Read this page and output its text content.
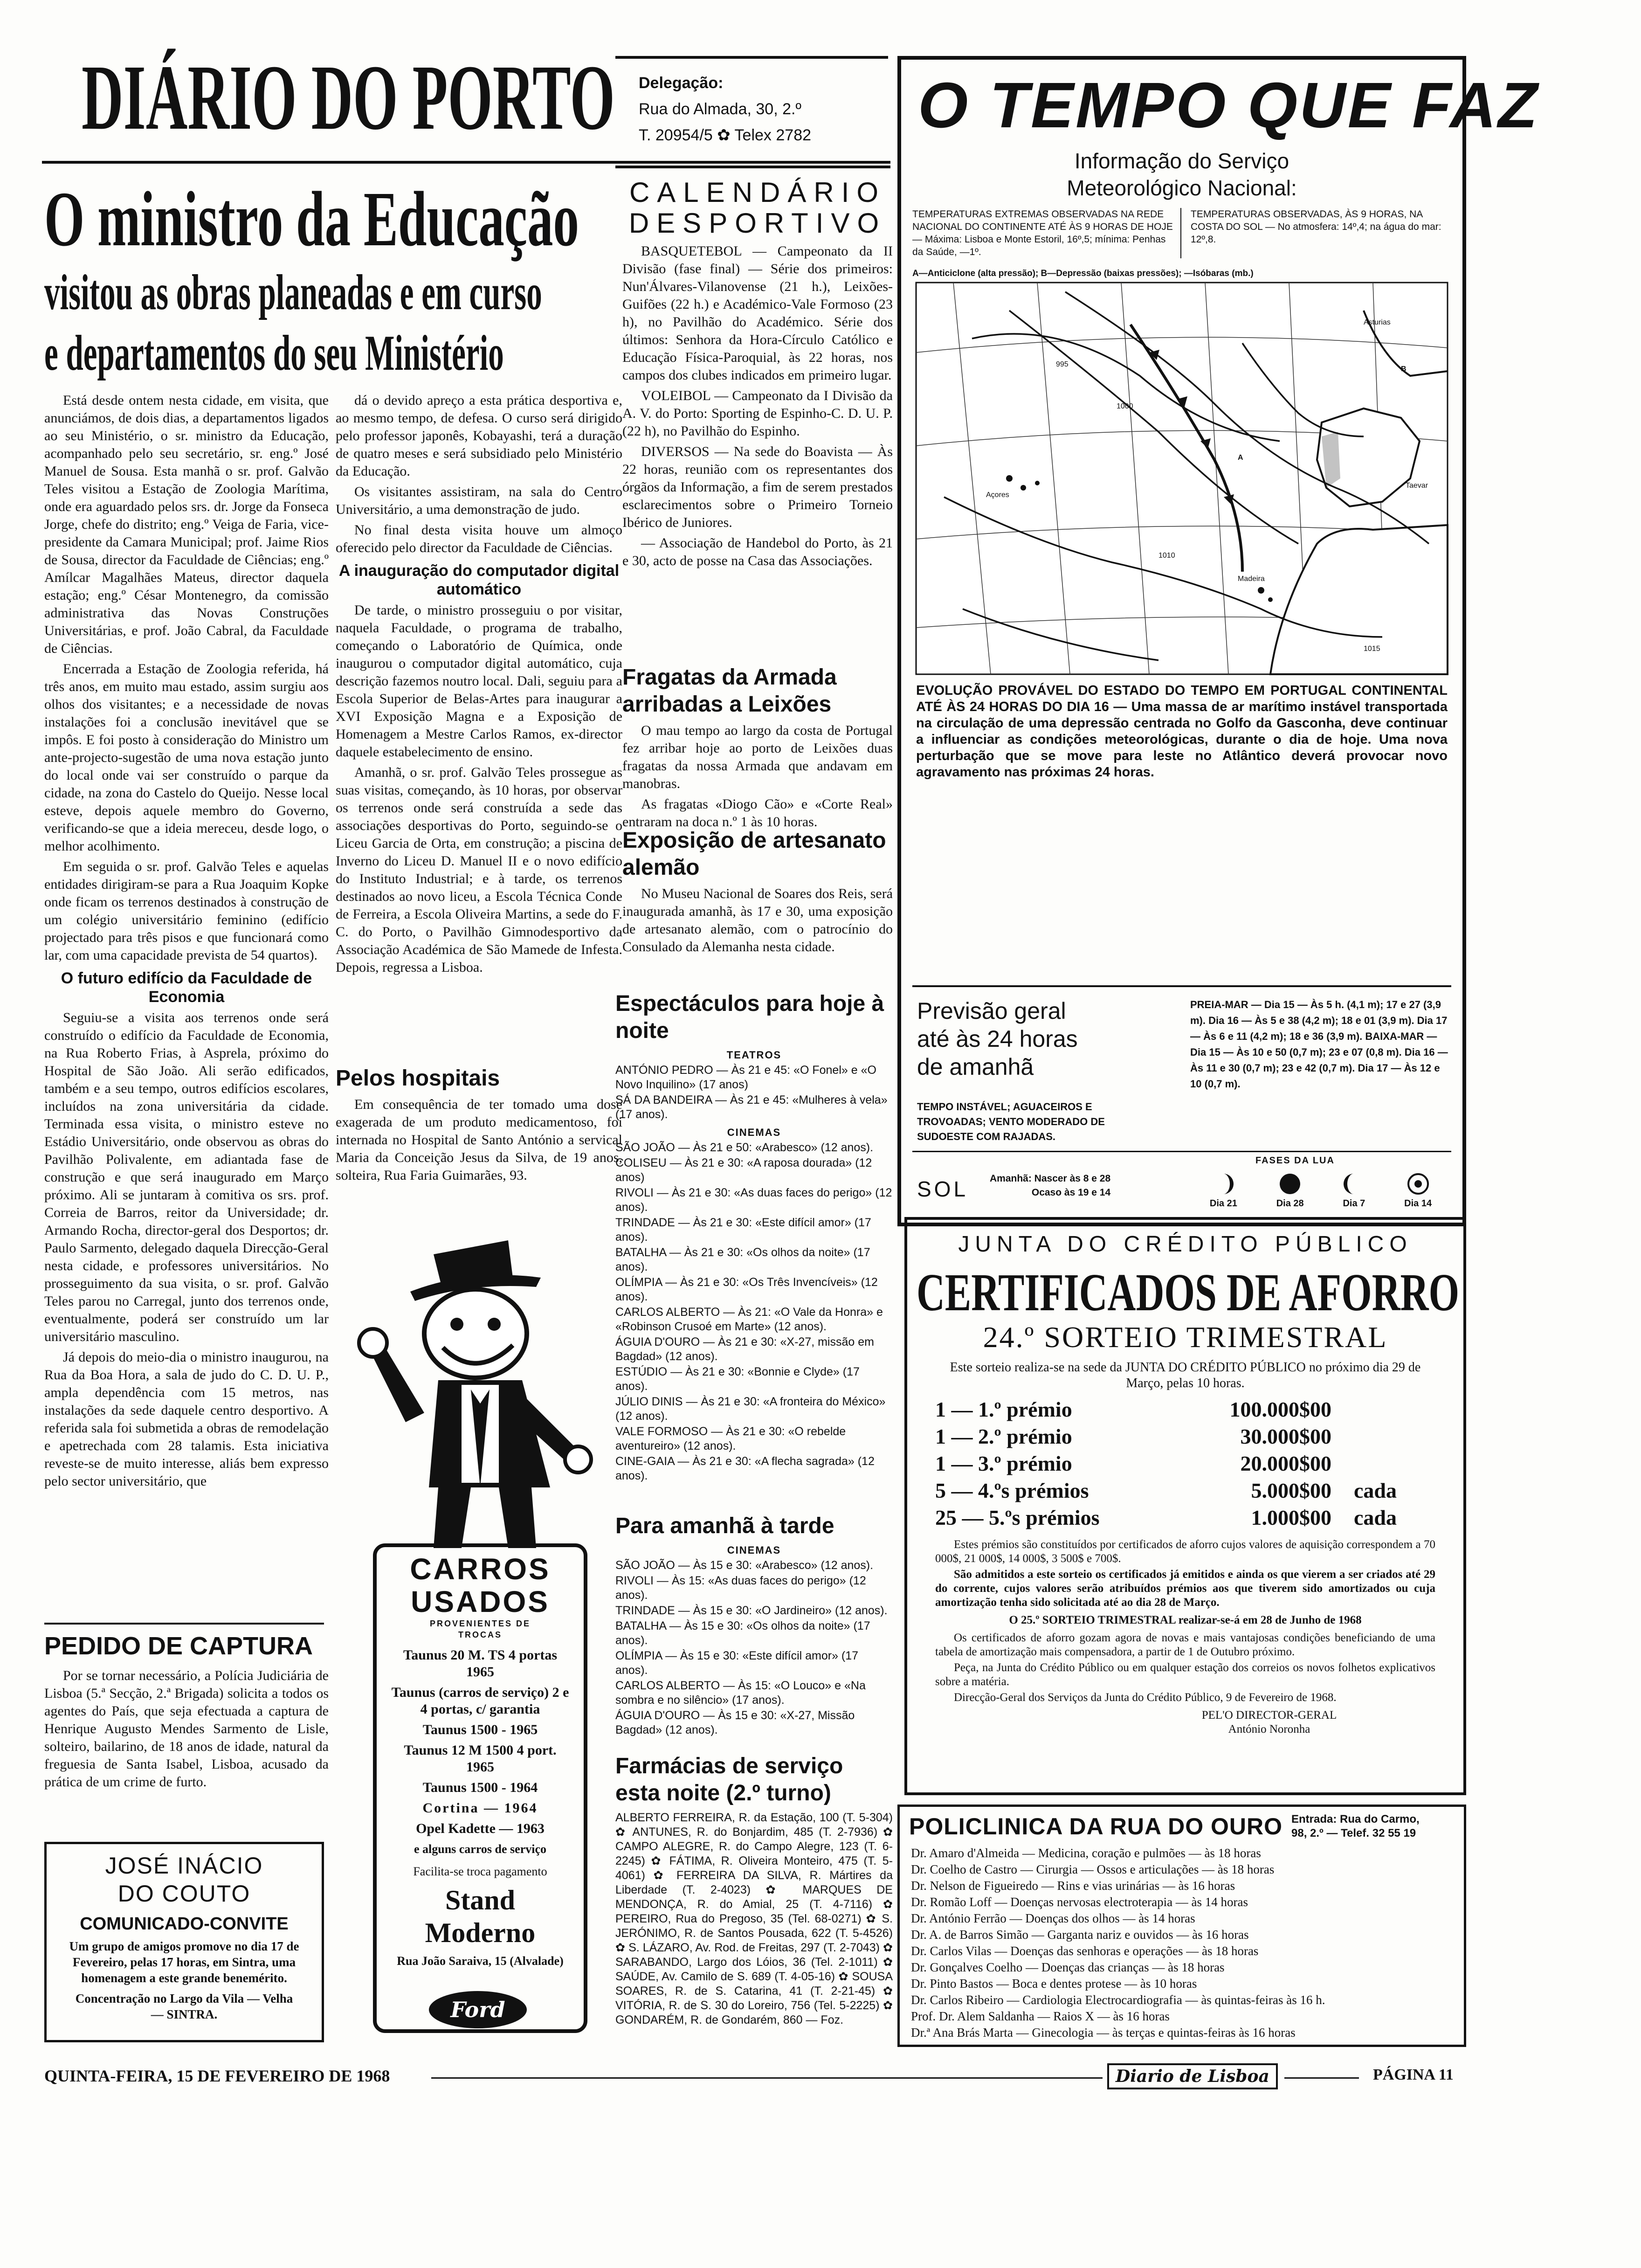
DIÁRIO DO PORTO Delegação:
Rua do Almada, 30, 2.º
T. 20954/5 ✿ Telex 2782
O ministro da Educação
visitou as obras planeadas e em curso
e departamentos do seu Ministério

Está desde ontem nesta cidade, em visita, que anunciámos, de dois dias, a departamentos ligados ao seu Ministério, o sr. ministro da Educação, acompanhado pelo seu secretário, sr. eng.º José Manuel de Sousa. Esta manhã o sr. prof. Galvão Teles visitou a Estação de Zoologia Marítima, onde era aguardado pelos srs. dr. Jorge da Fonseca Jorge, chefe do distrito; eng.º Veiga de Faria, vice-presidente da Camara Municipal; prof. Jaime Rios de Sousa, director da Faculdade de Ciências; eng.º Amílcar Magalhães Mateus, director daquela estação; eng.º César Montenegro, da comissão administrativa das Novas Construções Universitárias, e prof. João Cabral, da Faculdade de Ciências.

Encerrada a Estação de Zoologia referida, há três anos, em muito mau estado, assim surgiu aos olhos dos visitantes; e a necessidade de novas instalações foi a conclusão inevitável que se impôs. E foi posto à consideração do Ministro um ante-projecto-sugestão de uma nova estação junto do local onde vai ser construído o parque da cidade, na zona do Castelo do Queijo. Nesse local esteve, depois aquele membro do Governo, verificando-se que a ideia mereceu, desde logo, o melhor acolhimento.

Em seguida o sr. prof. Galvão Teles e aquelas entidades dirigiram-se para a Rua Joaquim Kopke onde ficam os terrenos destinados à construção de um colégio universitário feminino (edifício projectado para três pisos e que funcionará como lar, com uma capacidade prevista de 54 quartos).

O futuro edifício da Faculdade de Economia

Seguiu-se a visita aos terrenos onde será construído o edifício da Faculdade de Economia, na Rua Roberto Frias, à Asprela, próximo do Hospital de São João. Ali serão edificados, também e a seu tempo, outros edifícios escolares, incluídos na zona universitária da cidade. Terminada essa visita, o ministro esteve no Estádio Universitário, onde observou as obras do Pavilhão Polivalente, em adiantada fase de construção e que será inaugurado em Março próximo. Ali se juntaram à comitiva os srs. prof. Correia de Barros, reitor da Universidade; dr. Armando Rocha, director-geral dos Desportos; dr. Paulo Sarmento, delegado daquela Direcção-Geral nesta cidade, e professores universitários. No prosseguimento da sua visita, o sr. prof. Galvão Teles parou no Carregal, junto dos terrenos onde, eventualmente, poderá ser construído um lar universitário masculino.

Já depois do meio-dia o ministro inaugurou, na Rua da Boa Hora, a sala de judo do C. D. U. P., ampla dependência com 15 metros, nas instalações da sede daquele centro desportivo. A referida sala foi submetida a obras de remodelação e apetrechada com 28 talamis. Esta iniciativa reveste-se de muito interesse, aliás bem expresso pelo sector universitário, que

dá o devido apreço a esta prática desportiva e, ao mesmo tempo, de defesa. O curso será dirigido pelo professor japonês, Kobayashi, terá a duração de quatro meses e será subsidiado pelo Ministério da Educação.

Os visitantes assistiram, na sala do Centro Universitário, a uma demonstração de judo.

No final desta visita houve um almoço oferecido pelo director da Faculdade de Ciências.

A inauguração do computador digital automático

De tarde, o ministro prosseguiu o por visitar, naquela Faculdade, o programa de trabalho, começando o Laboratório de Química, onde inaugurou o computador digital automático, cuja descrição fazemos noutro local. Dali, seguiu para a Escola Superior de Belas-Artes para inaugurar a XVI Exposição Magna e a Exposição de Homenagem a Mestre Carlos Ramos, ex-director daquele estabelecimento de ensino.

Amanhã, o sr. prof. Galvão Teles prossegue as suas visitas, começando, às 10 horas, por observar os terrenos onde será construída a sede das associações desportivas do Porto, seguindo-se o Liceu Garcia de Orta, em construção; a piscina de Inverno do Liceu D. Manuel II e o novo edifício do Instituto Industrial; e à tarde, os terrenos destinados ao novo liceu, a Escola Técnica Conde de Ferreira, a Escola Oliveira Martins, a sede do F. C. do Porto, o Pavilhão Gimnodesportivo da Associação Académica de São Mamede de Infesta. Depois, regressa a Lisboa.

Pelos hospitais

Em consequência de ter tomado uma dose exagerada de um produto medicamentoso, foi internada no Hospital de Santo António a servical Maria da Conceição Jesus da Silva, de 19 anos, solteira, Rua Faria Guimarães, 93.

CARROS
USADOS
PROVENIENTES DE TROCAS
Taunus 20 M. TS 4 portas 1965
Taunus (carros de serviço) 2 e 4 portas, c/ garantia
Taunus 1500 - 1965
Taunus 12 M 1500 4 port. 1965
Taunus 1500 - 1964
Cortina — 1964
Opel Kadette — 1963
e alguns carros de serviço
Facilita-se troca pagamento
Stand Moderno
Rua João Saraiva, 15 (Alvalade)
Ford
PEDIDO DE CAPTURA

Por se tornar necessário, a Polícia Judiciária de Lisboa (5.ª Secção, 2.ª Brigada) solicita a todos os agentes do País, que seja efectuada a captura de Henrique Augusto Mendes Sarmento de Lisle, solteiro, bailarino, de 18 anos de idade, natural da freguesia de Santa Isabel, Lisboa, acusado da prática de um crime de furto.

JOSÉ INÁCIO
DO COUTO
COMUNICADO-CONVITE
Um grupo de amigos promove no dia 17 de Fevereiro, pelas 17 horas, em Sintra, uma homenagem a este grande benemérito.
Concentração no Largo da Vila — Velha — SINTRA.
CALENDÁRIO
DESPORTIVO

BASQUETEBOL — Campeonato da II Divisão (fase final) — Série dos primeiros: Nun'Álvares-Vilanovense (21 h.), Leixões-Guifões (22 h.) e Académico-Vale Formoso (23 h), no Pavilhão do Académico. Série dos últimos: Senhora da Hora-Círculo Católico e Educação Física-Paroquial, às 22 horas, nos campos dos clubes indicados em primeiro lugar.

VOLEIBOL — Campeonato da I Divisão da A. V. do Porto: Sporting de Espinho-C. D. U. P. (22 h), no Pavilhão do Espinho.

DIVERSOS — Na sede do Boavista — Às 22 horas, reunião com os representantes dos órgãos da Informação, a fim de serem prestados esclarecimentos sobre o Primeiro Torneio Ibérico de Juniores.

— Associação de Handebol do Porto, às 21 e 30, acto de posse na Casa das Associações.

Fragatas da Armada arribadas a Leixões

O mau tempo ao largo da costa de Portugal fez arribar hoje ao porto de Leixões duas fragatas da nossa Armada que andavam em manobras.

As fragatas «Diogo Cão» e «Corte Real» entraram na doca n.º 1 às 10 horas.

Exposição de artesanato alemão

No Museu Nacional de Soares dos Reis, será inaugurada amanhã, às 17 e 30, uma exposição de artesanato alemão, com o patrocínio do Consulado da Alemanha nesta cidade.

Espectáculos para hoje à noite
TEATROS

ANTÓNIO PEDRO — Às 21 e 45: «O Fonel» e «O Novo Inquilino» (17 anos)

SÁ DA BANDEIRA — Às 21 e 45: «Mulheres à vela» (17 anos).

CINEMAS

SÃO JOÃO — Às 21 e 50: «Arabesco» (12 anos).

COLISEU — Às 21 e 30: «A raposa dourada» (12 anos)

RIVOLI — Às 21 e 30: «As duas faces do perigo» (12 anos).

TRINDADE — Às 21 e 30: «Este difícil amor» (17 anos).

BATALHA — Às 21 e 30: «Os olhos da noite» (17 anos).

OLÍMPIA — Às 21 e 30: «Os Três Invencíveis» (12 anos).

CARLOS ALBERTO — Às 21: «O Vale da Honra» e «Robinson Crusoé em Marte» (12 anos).

ÁGUIA D'OURO — Às 21 e 30: «X-27, missão em Bagdad» (12 anos).

ESTÚDIO — Às 21 e 30: «Bonnie e Clyde» (17 anos).

JÚLIO DINIS — Às 21 e 30: «A fronteira do México» (12 anos).

VALE FORMOSO — Às 21 e 30: «O rebelde aventureiro» (12 anos).

CINE-GAIA — Às 21 e 30: «A flecha sagrada» (12 anos).

Para amanhã à tarde
CINEMAS

SÃO JOÃO — Às 15 e 30: «Arabesco» (12 anos).

RIVOLI — Às 15: «As duas faces do perigo» (12 anos).

TRINDADE — Às 15 e 30: «O Jardineiro» (12 anos).

BATALHA — Às 15 e 30: «Os olhos da noite» (17 anos).

OLÍMPIA — Às 15 e 30: «Este difícil amor» (17 anos).

CARLOS ALBERTO — Às 15: «O Louco» e «Na sombra e no silêncio» (17 anos).

ÁGUIA D'OURO — Às 15 e 30: «X-27, Missão Bagdad» (12 anos).

Farmácias de serviço esta noite (2.º turno)

ALBERTO FERREIRA, R. da Estação, 100 (T. 5-304) ✿ ANTUNES, R. do Bonjardim, 485 (T. 2-7936) ✿ CAMPO ALEGRE, R. do Campo Alegre, 123 (T. 6-2245) ✿ FÁTIMA, R. Oliveira Monteiro, 475 (T. 5-4061) ✿ FERREIRA DA SILVA, R. Mártires da Liberdade (T. 2-4023) ✿ MARQUES DE MENDONÇA, R. do Amial, 25 (T. 4-7116) ✿ PEREIRO, Rua do Pregoso, 35 (Tel. 68-0271) ✿ S. JERÓNIMO, R. de Santos Pousada, 622 (T. 5-4526) ✿ S. LÁZARO, Av. Rod. de Freitas, 297 (T. 2-7043) ✿ SARABANDO, Largo dos Lóios, 36 (Tel. 2-1011) ✿ SAÚDE, Av. Camilo de S. 689 (T. 4-05-16) ✿ SOUSA SOARES, R. de S. Catarina, 41 (T. 2-21-45) ✿ VITÓRIA, R. de S. 30 do Loreiro, 756 (Tel. 5-2225) ✿ GONDARÉM, R. de Gondarém, 860 — Foz.

O TEMPO QUE FAZ
Informação do Serviço
Meteorológico Nacional:
TEMPERATURAS EXTREMAS OBSERVADAS NA REDE NACIONAL DO CONTINENTE ATÉ ÀS 9 HORAS DE HOJE — Máxima: Lisboa e Monte Estoril, 16º,5; mínima: Penhas da Saúde, —1º.
TEMPERATURAS OBSERVADAS, ÀS 9 HORAS, NA COSTA DO SOL — No atmosfera: 14º,4; na água do mar: 12º,8.
A—Anticiclone (alta pressão); B—Depressão (baixas pressões); —Isóbaras (mb.)
Açores
Madeira
Asturias
Taevar
1000
1010
1015
995
B
A
EVOLUÇÃO PROVÁVEL DO ESTADO DO TEMPO EM PORTUGAL CONTINENTAL ATÉ ÀS 24 HORAS DO DIA 16 — Uma massa de ar marítimo instável transportada na circulação de uma depressão centrada no Golfo da Gasconha, deve continuar a influenciar as condições meteorológicas, durante o dia de hoje. Uma nova perturbação que se move para leste no Atlântico deverá provocar novo agravamento nas próximas 24 horas.
Previsão geral
até às 24 horas
de amanhã
TEMPO INSTÁVEL; AGUACEIROS E TROVOADAS; VENTO MODERADO DE SUDOESTE COM RAJADAS.
PREIA-MAR — Dia 15 — Às 5 h. (4,1 m); 17 e 27 (3,9 m). Dia 16 — Às 5 e 38 (4,2 m); 18 e 01 (3,9 m). Dia 17 — Às 6 e 11 (4,2 m); 18 e 36 (3,9 m). BAIXA-MAR — Dia 15 — Às 10 e 50 (0,7 m); 23 e 07 (0,8 m). Dia 16 — Às 11 e 30 (0,7 m); 23 e 42 (0,7 m). Dia 17 — Às 12 e 10 (0,7 m).
SOL Amanhã: Nascer às 8 e 28
Ocaso às 19 e 14
FASES DA LUA
Dia 21	Dia 28	Dia 7	Dia 14
JUNTA DO CRÉDITO PÚBLICO
CERTIFICADOS DE AFORRO
24.º SORTEIO TRIMESTRAL
Este sorteio realiza-se na sede da JUNTA DO CRÉDITO PÚBLICO no próximo dia 29 de Março, pelas 10 horas.
1 — 1.º prémio	100.000$00
1 — 2.º prémio	30.000$00
1 — 3.º prémio	20.000$00
5 — 4.ºs prémios	5.000$00	cada
25 — 5.ºs prémios	1.000$00	cada

Estes prémios são constituídos por certificados de aforro cujos valores de aquisição correspondem a 70 000$, 21 000$, 14 000$, 3 500$ e 700$.

São admitidos a este sorteio os certificados já emitidos e ainda os que vierem a ser criados até 29 do corrente, cujos valores serão atribuídos prémios aos que tiverem sido amortizados ou cuja amortização tenha sido solicitada até ao dia 28 de Março.

O 25.º SORTEIO TRIMESTRAL realizar-se-á em 28 de Junho de 1968

Os certificados de aforro gozam agora de novas e mais vantajosas condições beneficiando de uma tabela de amortização mais compensadora, a partir de 1 de Outubro próximo.

Peça, na Junta do Crédito Público ou em qualquer estação dos correios os novos folhetos explicativos sobre a matéria.

Direcção-Geral dos Serviços da Junta do Crédito Público, 9 de Fevereiro de 1968.

PEL'O DIRECTOR-GERAL
António Noronha
POLICLINICA DA RUA DO OURO Entrada: Rua do Carmo,
98, 2.º — Telef. 32 55 19
Dr. Amaro d'Almeida — Medicina, coração e pulmões — às 18 horas
Dr. Coelho de Castro — Cirurgia — Ossos e articulações — às 18 horas
Dr. Nelson de Figueiredo — Rins e vias urinárias — às 16 horas
Dr. Romão Loff — Doenças nervosas electroterapia — às 14 horas
Dr. António Ferrão — Doenças dos olhos — às 14 horas
Dr. A. de Barros Simão — Garganta nariz e ouvidos — às 16 horas
Dr. Carlos Vilas — Doenças das senhoras e operações — às 18 horas
Dr. Gonçalves Coelho — Doenças das crianças — às 18 horas
Dr. Pinto Bastos — Boca e dentes protese — às 10 horas
Dr. Carlos Ribeiro — Cardiologia Electrocardiografia — às quintas-feiras às 16 h.
Prof. Dr. Alem Saldanha — Raios X — às 16 horas
Dr.ª Ana Brás Marta — Ginecologia — às terças e quintas-feiras às 16 horas
QUINTA-FEIRA, 15 DE FEVEREIRO DE 1968	Diario de Lisboa	PÁGINA 11
